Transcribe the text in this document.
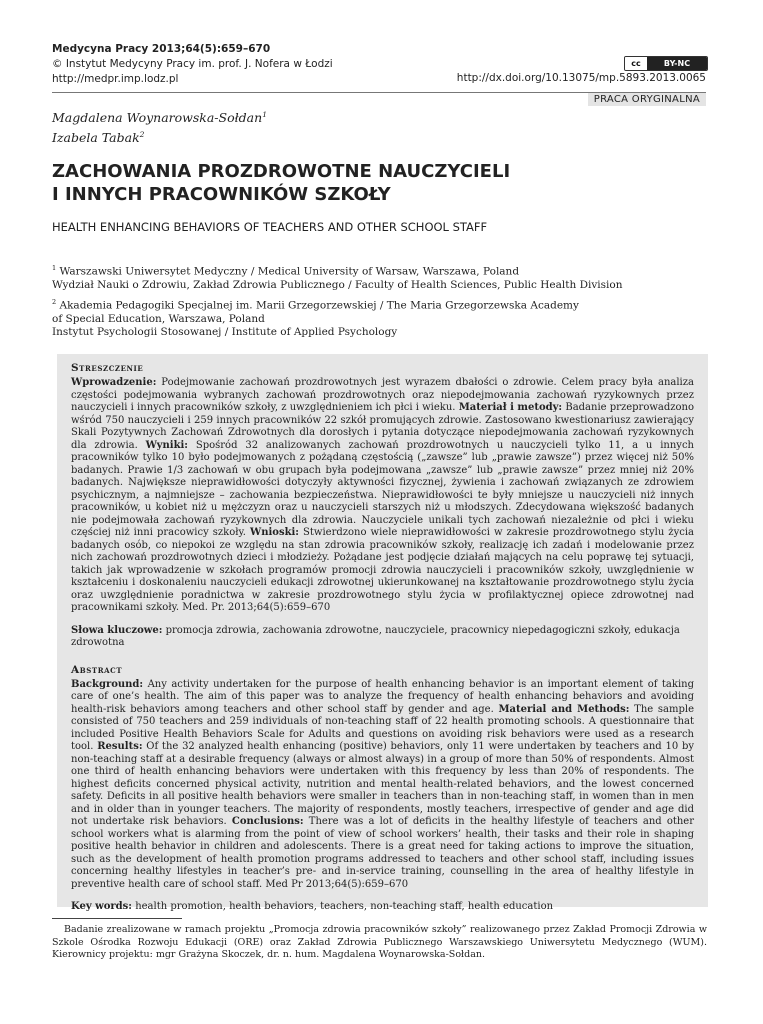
Medycyna Pracy 2013;64(5):659–670
© Instytut Medycyny Pracy im. prof. J. Nofera w Łodzi
http://medpr.imp.lodz.pl
cc	BY-NC
http://dx.doi.org/10.13075/mp.5893.2013.0065
PRACA ORYGINALNA
Magdalena Woynarowska-Sołdan$^1$
Izabela Tabak$^2$
ZACHOWANIA PROZDROWOTNE NAUCZYCIELI
I INNYCH PRACOWNIKÓW SZKOŁY
HEALTH ENHANCING BEHAVIORS OF TEACHERS AND OTHER SCHOOL STAFF
$^1$ Warszawski Uniwersytet Medyczny / Medical University of Warsaw, Warszawa, Poland
Wydział Nauki o Zdrowiu, Zakład Zdrowia Publicznego / Faculty of Health Sciences, Public Health Division
$^2$ Akademia Pedagogiki Specjalnej im. Marii Grzegorzewskiej / The Maria Grzegorzewska Academy
of Special Education, Warszawa, Poland
Instytut Psychologii Stosowanej / Institute of Applied Psychology
Streszczenie
Wprowadzenie: Podejmowanie zachowań prozdrowotnych jest wyrazem dbałości o zdrowie. Celem pracy była analiza częstości podejmowania wybranych zachowań prozdrowotnych oraz niepodejmowania zachowań ryzykownych przez nauczycieli i innych pracowników szkoły, z uwzględnieniem ich płci i wieku. Materiał i metody: Badanie przeprowadzono wśród 750 nauczycieli i 259 innych pracowników 22 szkół promujących zdrowie. Zastosowano kwestionariusz zawierający Skali Pozytywnych Zachowań Zdrowotnych dla dorosłych i pytania dotyczące niepodejmowania zachowań ryzykownych dla zdrowia. Wyniki: Spośród 32 analizowanych zachowań prozdrowotnych u nauczycieli tylko 11, a u innych pracowników tylko 10 było podejmowanych z pożądaną częstością („zawsze” lub „prawie zawsze”) przez więcej niż 50% badanych. Prawie 1/3 zachowań w obu grupach była podejmowana „zawsze” lub „prawie zawsze” przez mniej niż 20% badanych. Największe nieprawidłowości dotyczyły aktywności fizycznej, żywienia i zachowań związanych ze zdrowiem psychicznym, a najmniejsze – zachowania bezpieczeństwa. Nieprawidłowości te były mniejsze u nauczycieli niż innych pracowników, u kobiet niż u mężczyzn oraz u nauczycieli starszych niż u młodszych. Zdecydowana większość badanych nie podejmowała zachowań ryzykownych dla zdrowia. Nauczyciele unikali tych zachowań niezależnie od płci i wieku częściej niż inni pracowicy szkoły. Wnioski: Stwierdzono wiele nieprawidłowości w zakresie prozdrowotnego stylu życia badanych osób, co niepokoi ze względu na stan zdrowia pracowników szkoły, realizację ich zadań i modelowanie przez nich zachowań prozdrowotnych dzieci i młodzieży. Pożądane jest podjęcie działań mających na celu poprawę tej sytuacji, takich jak wprowadzenie w szkołach programów promocji zdrowia nauczycieli i pracowników szkoły, uwzględnienie w kształceniu i doskonaleniu nauczycieli edukacji zdrowotnej ukierunkowanej na kształtowanie prozdrowotnego stylu życia oraz uwzględnienie poradnictwa w zakresie prozdrowotnego stylu życia w profilaktycznej opiece zdrowotnej nad pracownikami szkoły. Med. Pr. 2013;64(5):659–670
Słowa kluczowe: promocja zdrowia, zachowania zdrowotne, nauczyciele, pracownicy niepedagogiczni szkoły, edukacja zdrowotna
Abstract
Background: Any activity undertaken for the purpose of health enhancing behavior is an important element of taking care of one’s health. The aim of this paper was to analyze the frequency of health enhancing behaviors and avoiding health-risk behaviors among teachers and other school staff by gender and age. Material and Methods: The sample consisted of 750 teachers and 259 individuals of non-teaching staff of 22 health promoting schools. A questionnaire that included Positive Health Behaviors Scale for Adults and questions on avoiding risk behaviors were used as a research tool. Results: Of the 32 analyzed health enhancing (positive) behaviors, only 11 were undertaken by teachers and 10 by non-teaching staff at a desirable frequency (always or almost always) in a group of more than 50% of respondents. Almost one third of health enhancing behaviors were undertaken with this frequency by less than 20% of respondents. The highest deficits concerned physical activity, nutrition and mental health-related behaviors, and the lowest concerned safety. Deficits in all positive health behaviors were smaller in teachers than in non-teaching staff, in women than in men and in older than in younger teachers. The majority of respondents, mostly teachers, irrespective of gender and age did not undertake risk behaviors. Conclusions: There was a lot of deficits in the healthy lifestyle of teachers and other school workers what is alarming from the point of view of school workers’ health, their tasks and their role in shaping positive health behavior in children and adolescents. There is a great need for taking actions to improve the situation, such as the development of health promotion programs addressed to teachers and other school staff, including issues concerning healthy lifestyles in teacher’s pre- and in-service training, counselling in the area of healthy lifestyle in preventive health care of school staff. Med Pr 2013;64(5):659–670
Key words: health promotion, health behaviors, teachers, non-teaching staff, health education
Badanie zrealizowane w ramach projektu „Promocja zdrowia pracowników szkoły” realizowanego przez Zakład Promocji Zdrowia w Szkole Ośrodka Rozwoju Edukacji (ORE) oraz Zakład Zdrowia Publicznego Warszawskiego Uniwersytetu Medycznego (WUM). Kierownicy projektu: mgr Grażyna Skoczek, dr. n. hum. Magdalena Woynarowska-Sołdan.
